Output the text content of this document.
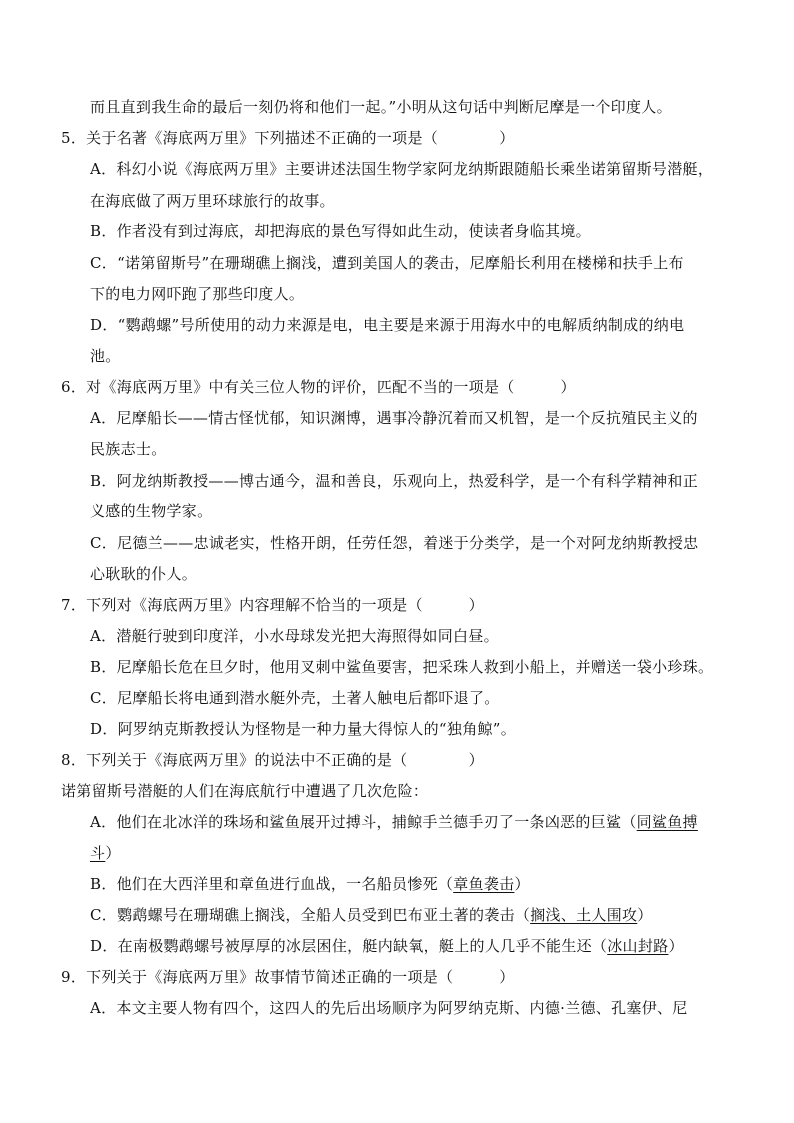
而且直到我生命的最后一刻仍将和他们一起。”小明从这句话中判断尼摩是一个印度人。
5．关于名著《海底两万里》下列描述不正确的一项是（　　　　）
A．科幻小说《海底两万里》主要讲述法国生物学家阿龙纳斯跟随船长乘坐诺第留斯号潜艇，
在海底做了两万里环球旅行的故事。
B．作者没有到过海底，却把海底的景色写得如此生动，使读者身临其境。
C．“诺第留斯号”在珊瑚礁上搁浅，遭到美国人的袭击，尼摩船长利用在楼梯和扶手上布
下的电力网吓跑了那些印度人。
D．“鹦鹉螺”号所使用的动力来源是电，电主要是来源于用海水中的电解质纳制成的纳电
池。
6．对《海底两万里》中有关三位人物的评价，匹配不当的一项是（　　　）
A．尼摩船长——情古怪忧郁，知识渊博，遇事冷静沉着而又机智，是一个反抗殖民主义的
民族志士。
B．阿龙纳斯教授——博古通今，温和善良，乐观向上，热爱科学，是一个有科学精神和正
义感的生物学家。
C．尼德兰——忠诚老实，性格开朗，任劳任怨，着迷于分类学，是一个对阿龙纳斯教授忠
心耿耿的仆人。
7．下列对《海底两万里》内容理解不恰当的一项是（　　　）
A．潜艇行驶到印度洋，小水母球发光把大海照得如同白昼。
B．尼摩船长危在旦夕时，他用叉刺中鲨鱼要害，把采珠人救到小船上，并赠送一袋小珍珠。
C．尼摩船长将电通到潜水艇外壳，土著人触电后都吓退了。
D．阿罗纳克斯教授认为怪物是一种力量大得惊人的“独角鲸”。
8．下列关于《海底两万里》的说法中不正确的是（　　　　）
诺第留斯号潜艇的人们在海底航行中遭遇了几次危险：
A．他们在北冰洋的珠场和鲨鱼展开过搏斗，捕鲸手兰德手刃了一条凶恶的巨鲨（同鲨鱼搏
斗）
B．他们在大西洋里和章鱼进行血战，一名船员惨死（章鱼袭击）
C．鹦鹉螺号在珊瑚礁上搁浅，全船人员受到巴布亚土著的袭击（搁浅、土人围攻）
D．在南极鹦鹉螺号被厚厚的冰层困住，艇内缺氧，艇上的人几乎不能生还（冰山封路）
9．下列关于《海底两万里》故事情节简述正确的一项是（　　　）
A．本文主要人物有四个，这四人的先后出场顺序为阿罗纳克斯、内德·兰德、孔塞伊、尼
